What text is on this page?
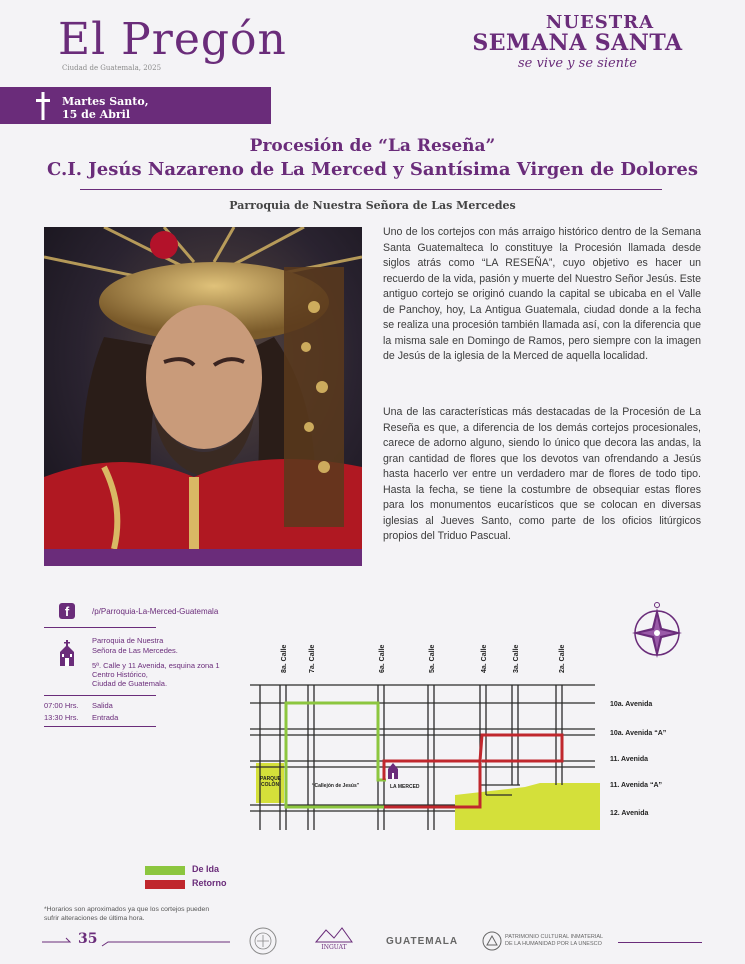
El Pregón
Ciudad de Guatemala, 2025
NUESTRA
SEMANA SANTA
se vive y se siente
Martes Santo,
15 de Abril
Procesión de “La Reseña”
C.I. Jesús Nazareno de La Merced y Santísima Virgen de Dolores
Parroquia de Nuestra Señora de Las Mercedes
Uno de los cortejos con más arraigo histórico dentro de la Semana Santa Guatemalteca lo constituye la Procesión llamada desde siglos atrás como “LA RESEÑA”, cuyo objetivo es hacer un recuerdo de la vida, pasión y muerte del Nuestro Señor Jesús. Este antiguo cortejo se originó cuando la capital se ubicaba en el Valle de Panchoy, hoy, La Antigua Guatemala, ciudad donde a la fecha se realiza una procesión también llamada así, con la diferencia que la misma sale en Domingo de Ramos, pero siempre con la imagen de Jesús de la iglesia de la Merced de aquella localidad.
Una de las características más destacadas de la Procesión de La Reseña es que, a diferencia de los demás cortejos procesionales, carece de adorno alguno, siendo lo único que decora las andas, la gran cantidad de flores que los devotos van ofrendando a Jesús hasta hacerlo ver entre un verdadero mar de flores de todo tipo. Hasta la fecha, se tiene la costumbre de obsequiar estas flores para los monumentos eucarísticos que se colocan en diversas iglesias al Jueves Santo, como parte de los oficios litúrgicos propios del Triduo Pascual.
f	/p/Parroquia-La-Merced-Guatemala
Parroquia de Nuestra
Señora de Las Mercedes.
5ª. Calle y 11 Avenida, esquina zona 1
Centro Histórico,
Ciudad de Guatemala.
07:00 Hrs. Salida
13:30 Hrs. Entrada
8a. Calle	7a. Calle	6a. Calle	5a. Calle	4a. Calle	3a. Calle	2a. Calle
10a. Avenida
10a. Avenida “A”
11. Avenida
11. Avenida “A”
12. Avenida
PARQUE
COLÓN	“Callejón de Jesús”	LA MERCED
De Ida
Retorno
*Horarios son aproximados ya que los cortejos pueden sufrir alteraciones de última hora.
35
INGUAT
GUATEMALA	PATRIMONIO CULTURAL INMATERIAL
DE LA HUMANIDAD POR LA UNESCO
